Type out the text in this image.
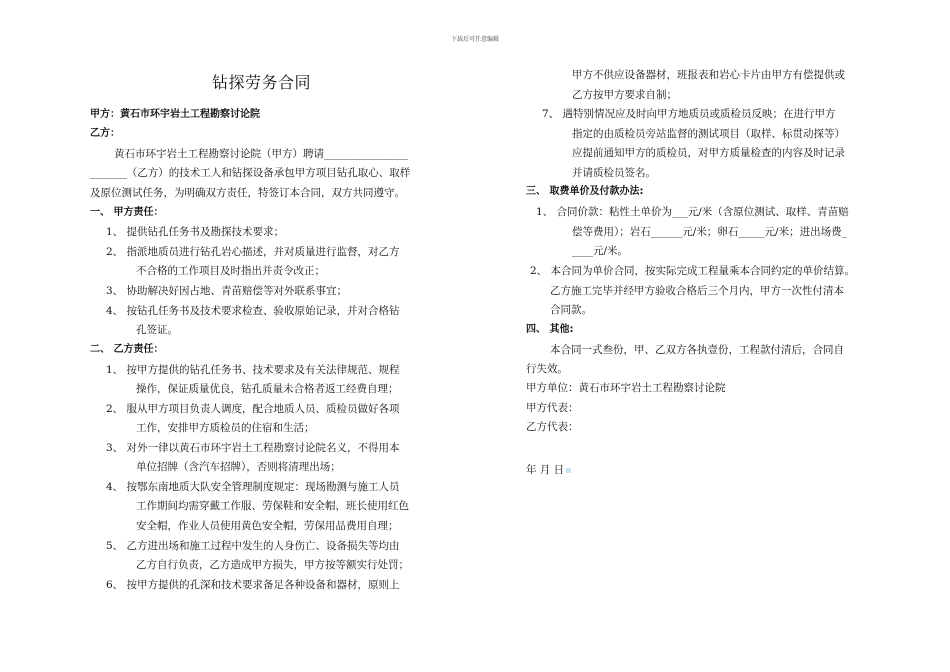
下载后可任意编辑
钻探劳务合同
甲方：黄石市环宇岩土工程勘察讨论院
乙方：
黄石市环宇岩土工程勘察讨论院（甲方）聘请________________
_______（乙方）的技术工人和钻探设备承包甲方项目钻孔取心、取样
及原位测试任务，为明确双方责任，特签订本合同，双方共同遵守。
一、 甲方责任：
1、 提供钻孔任务书及勘探技术要求；
2、 指派地质员进行钻孔岩心描述，并对质量进行监督，对乙方
不合格的工作项目及时指出并责令改正；
3、 协助解决好因占地、青苗赔偿等对外联系事宜；
4、 按钻孔任务书及技术要求检查、验收原始记录，并对合格钻
孔签证。
二、 乙方责任：
1、 按甲方提供的钻孔任务书、技术要求及有关法律规范、规程
操作，保证质量优良，钻孔质量未合格者返工经费自理；
2、 服从甲方项目负责人调度，配合地质人员、质检员做好各项
工作，安排甲方质检员的住宿和生活；
3、 对外一律以黄石市环宇岩土工程勘察讨论院名义，不得用本
单位招牌（含汽车招牌），否则将清理出场；
4、 按鄂东南地质大队安全管理制度规定：现场勘测与施工人员
工作期间均需穿戴工作服、劳保鞋和安全帽，班长使用红色
安全帽，作业人员使用黄色安全帽，劳保用品费用自理；
5、 乙方进出场和施工过程中发生的人身伤亡、设备损失等均由
乙方自行负责，乙方造成甲方损失，甲方按等额实行处罚；
6、 按甲方提供的孔深和技术要求备足各种设备和器材，原则上
甲方不供应设备器材，班报表和岩心卡片由甲方有偿提供或
乙方按甲方要求自制；
7、 遇特别情况应及时向甲方地质员或质检员反映；在进行甲方
指定的由质检员旁站监督的测试项目（取样、标贯动探等）
应提前通知甲方的质检员，对甲方质量检查的内容及时记录
并请质检员签名。
三、 取费单价及付款办法:
1、 合同价款：粘性土单价为___元/米（含原位测试、取样、青苗赔
偿等费用）；岩石______元/米；卵石_____元/米；进出场费_
____元/米。
2、 本合同为单价合同，按实际完成工程量乘本合同约定的单价结算。
乙方施工完毕并经甲方验收合格后三个月内，甲方一次性付清本
合同款。
四、 其他:
本合同一式叁份，甲、乙双方各执壹份，工程款付清后，合同自
行失效。
甲方单位：黄石市环宇岩土工程勘察讨论院
甲方代表：
乙方代表：
年 月 日
